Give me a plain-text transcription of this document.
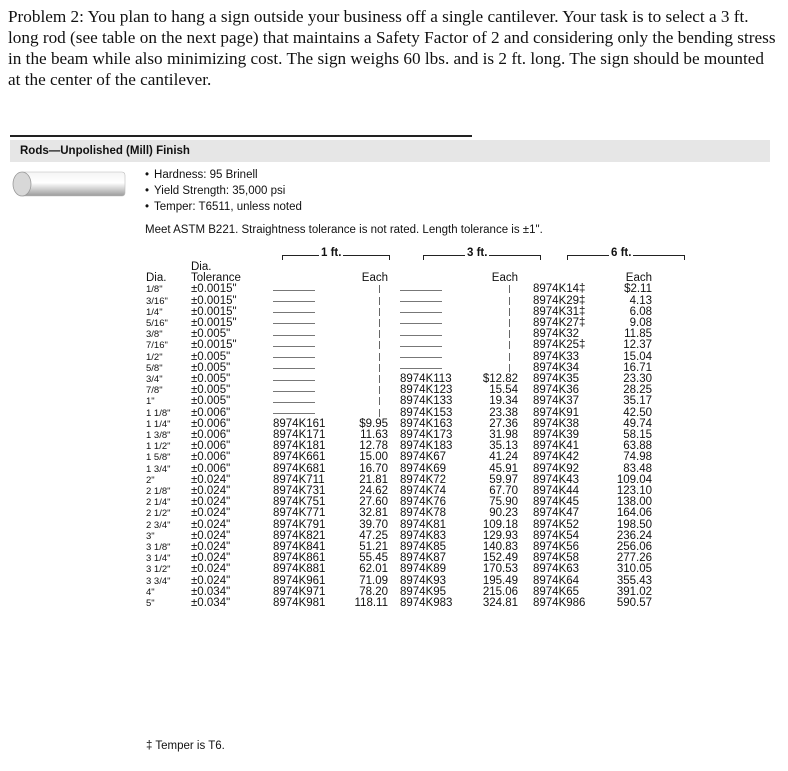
Problem 2: You plan to hang a sign outside your business off a single cantilever. Your task is to select a 3 ft. long rod (see table on the next page) that maintains a Safety Factor of 2 and considering only the bending stress in the beam while also minimizing cost. The sign weighs 60 lbs. and is 2 ft. long. The sign should be mounted at the center of the cantilever.
Rods—Unpolished (Mill) Finish
• Hardness: 95 Brinell
• Yield Strength: 35,000 psi
• Temper: T6511, unless noted
Meet ASTM B221. Straightness tolerance is not rated. Length tolerance is ±1".
1 ft.	3 ft.	6 ft.
	Dia.						
Dia.	Tolerance		Each		Each		Each
1/8"	±0.0015"					8974K14‡	$2.11
3/16"	±0.0015"					8974K29‡	4.13
1/4"	±0.0015"					8974K31‡	6.08
5/16"	±0.0015"					8974K27‡	9.08
3/8"	±0.005"					8974K32	11.85
7/16"	±0.0015"					8974K25‡	12.37
1/2"	±0.005"					8974K33	15.04
5/8"	±0.005"					8974K34	16.71
3/4"	±0.005"			8974K113	$12.82	8974K35	23.30
7/8"	±0.005"			8974K123	15.54	8974K36	28.25
1"	±0.005"			8974K133	19.34	8974K37	35.17
1 1/8"	±0.006"			8974K153	23.38	8974K91	42.50
1 1/4"	±0.006"	8974K161	$9.95	8974K163	27.36	8974K38	49.74
1 3/8"	±0.006"	8974K171	11.63	8974K173	31.98	8974K39	58.15
1 1/2"	±0.006"	8974K181	12.78	8974K183	35.13	8974K41	63.88
1 5/8"	±0.006"	8974K661	15.00	8974K67	41.24	8974K42	74.98
1 3/4"	±0.006"	8974K681	16.70	8974K69	45.91	8974K92	83.48
2"	±0.024"	8974K711	21.81	8974K72	59.97	8974K43	109.04
2 1/8"	±0.024"	8974K731	24.62	8974K74	67.70	8974K44	123.10
2 1/4"	±0.024"	8974K751	27.60	8974K76	75.90	8974K45	138.00
2 1/2"	±0.024"	8974K771	32.81	8974K78	90.23	8974K47	164.06
2 3/4"	±0.024"	8974K791	39.70	8974K81	109.18	8974K52	198.50
3"	±0.024"	8974K821	47.25	8974K83	129.93	8974K54	236.24
3 1/8"	±0.024"	8974K841	51.21	8974K85	140.83	8974K56	256.06
3 1/4"	±0.024"	8974K861	55.45	8974K87	152.49	8974K58	277.26
3 1/2"	±0.024"	8974K881	62.01	8974K89	170.53	8974K63	310.05
3 3/4"	±0.024"	8974K961	71.09	8974K93	195.49	8974K64	355.43
4"	±0.034"	8974K971	78.20	8974K95	215.06	8974K65	391.02
5"	±0.034"	8974K981	118.11	8974K983	324.81	8974K986	590.57
‡ Temper is T6.
